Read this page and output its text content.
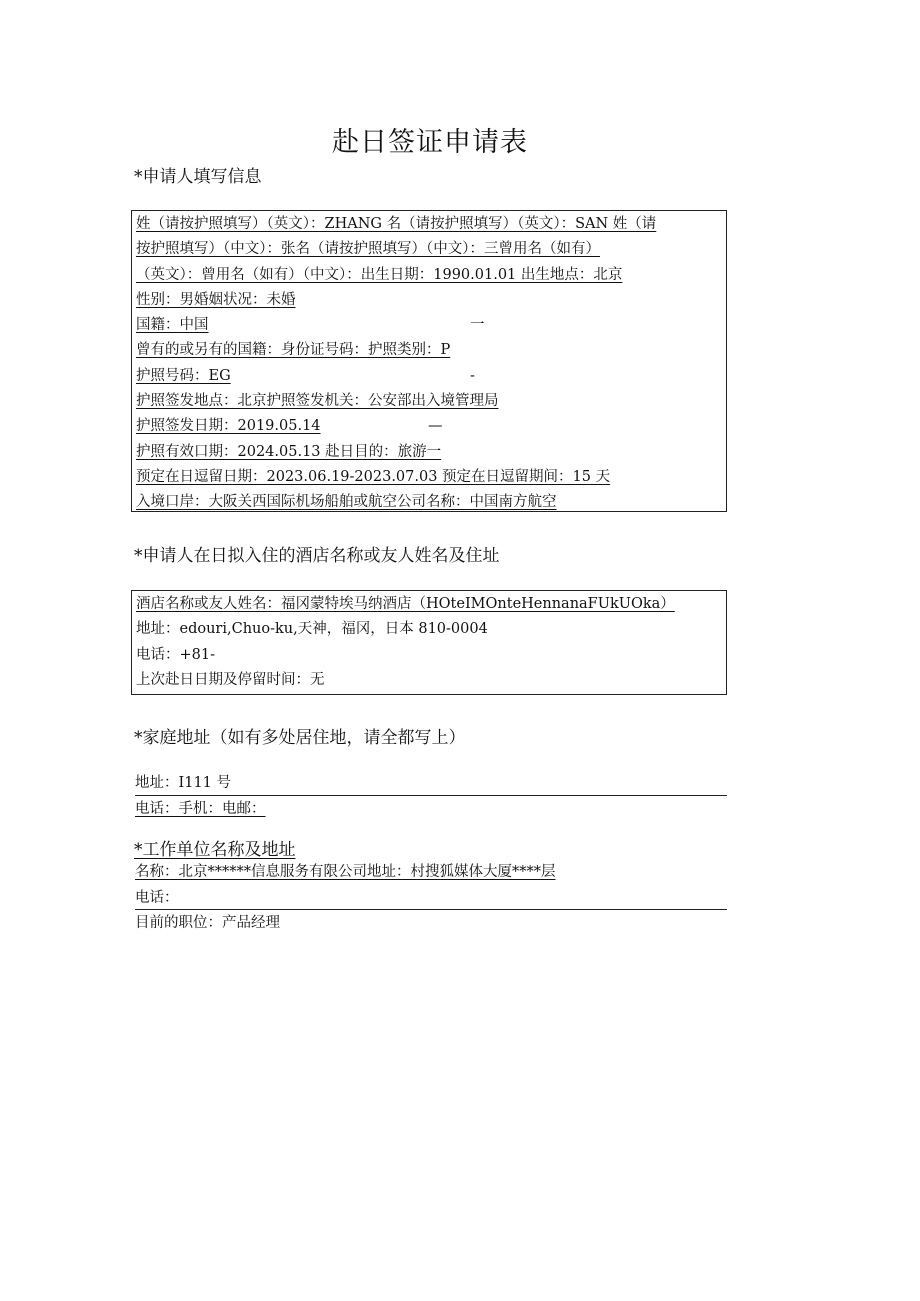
赴日签证申请表
*申请人填写信息
姓（请按护照填写）（英文）：ZHANG 名（请按护照填写）（英文）：SAN 姓（请
按护照填写）（中文）：张名（请按护照填写）（中文）：三曾用名（如有）
（英文）：曾用名（如有）（中文）：出生日期：1990.01.01 出生地点：北京
性别：男婚姻状况：未婚
国籍：中国	一
曾有的或另有的国籍：身份证号码：护照类别：P
护照号码：EG	-
护照签发地点：北京护照签发机关：公安部出入境管理局
护照签发日期：2019.05.14	—
护照有效口期：2024.05.13 赴日目的：旅游一
预定在日逗留日期：2023.06.19-2023.07.03 预定在日逗留期间：15 天
入境口岸：大阪关西国际机场船舶或航空公司名称：中国南方航空
*申请人在日拟入住的酒店名称或友人姓名及住址
酒店名称或友人姓名：福冈蒙特埃马纳酒店（HOteIMOnteHennanaFUkUOka）
地址：edouri,Chuo-ku,天神，福冈，日本 810-0004
电话：+81-
上次赴日日期及停留时间：无
*家庭地址（如有多处居住地，请全都写上）
地址：I111 号
电话：手机：电邮：
*工作单位名称及地址
名称：北京******信息服务有限公司地址：村搜狐媒体大厦****层
电话：
目前的职位：产品经理
